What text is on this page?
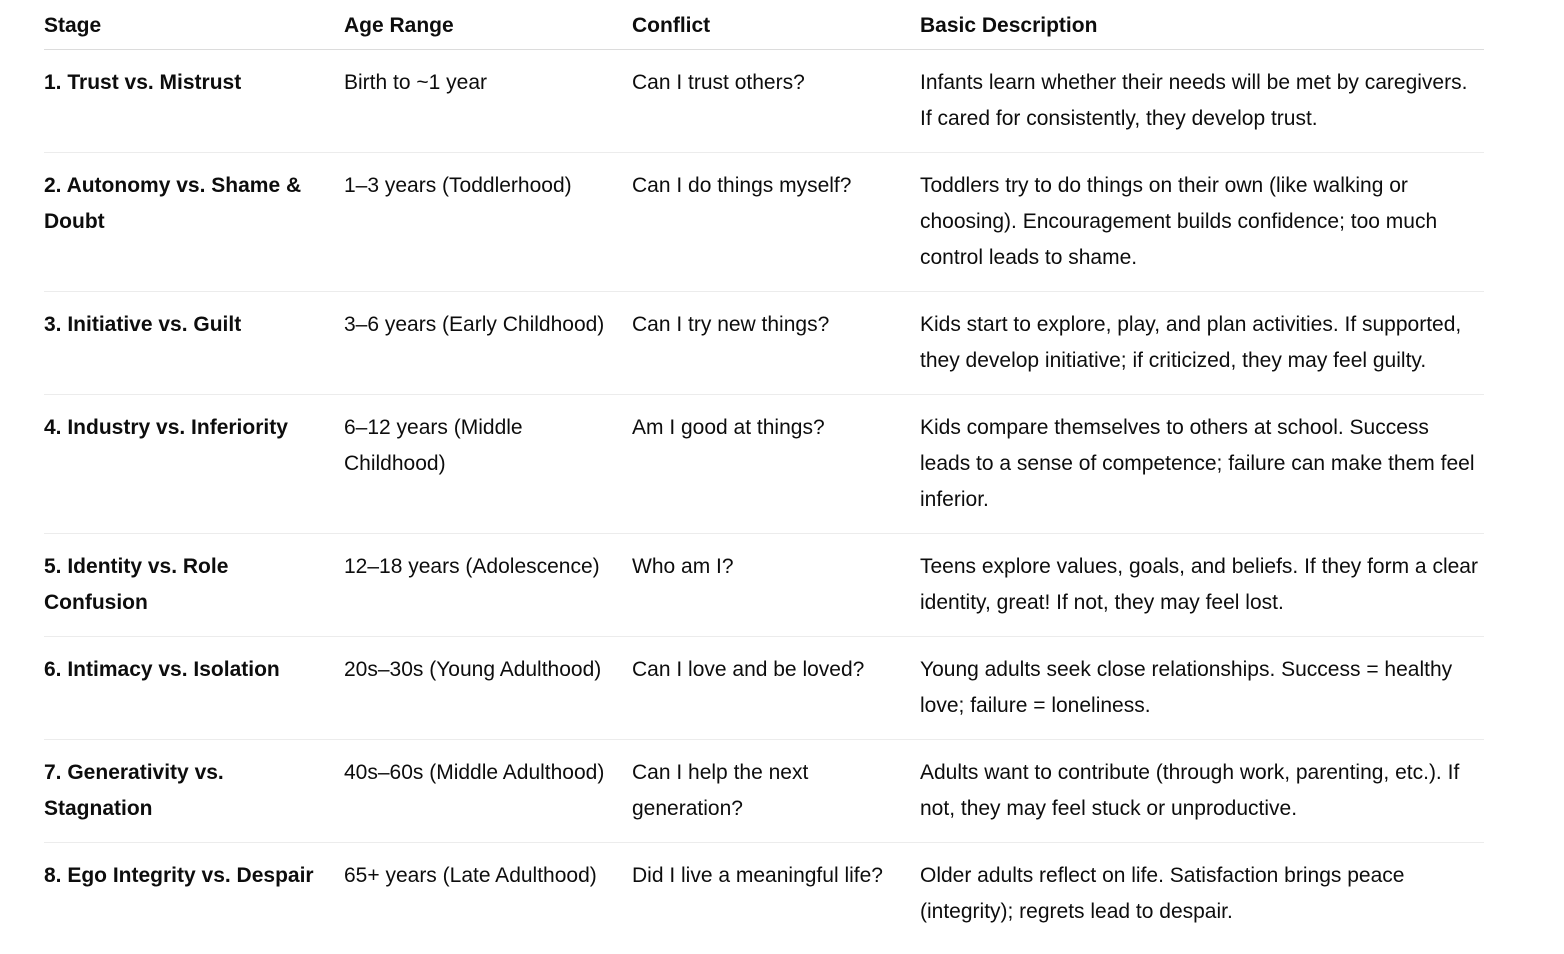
Stage	Age Range	Conflict	Basic Description
1. Trust vs. Mistrust	Birth to ~1 year	Can I trust others?	Infants learn whether their needs will be met by caregivers. If cared for consistently, they develop trust.
2. Autonomy vs. Shame & Doubt	1–3 years (Toddlerhood)	Can I do things myself?	Toddlers try to do things on their own (like walking or choosing). Encouragement builds confidence; too much control leads to shame.
3. Initiative vs. Guilt	3–6 years (Early Childhood)	Can I try new things?	Kids start to explore, play, and plan activities. If supported, they develop initiative; if criticized, they may feel guilty.
4. Industry vs. Inferiority	6–12 years (Middle Childhood)	Am I good at things?	Kids compare themselves to others at school. Success leads to a sense of competence; failure can make them feel inferior.
5. Identity vs. Role Confusion	12–18 years (Adolescence)	Who am I?	Teens explore values, goals, and beliefs. If they form a clear identity, great! If not, they may feel lost.
6. Intimacy vs. Isolation	20s–30s (Young Adulthood)	Can I love and be loved?	Young adults seek close relationships. Success = healthy love; failure = loneliness.
7. Generativity vs. Stagnation	40s–60s (Middle Adulthood)	Can I help the next generation?	Adults want to contribute (through work, parenting, etc.). If not, they may feel stuck or unproductive.
8. Ego Integrity vs. Despair	65+ years (Late Adulthood)	Did I live a meaningful life?	Older adults reflect on life. Satisfaction brings peace (integrity); regrets lead to despair.
